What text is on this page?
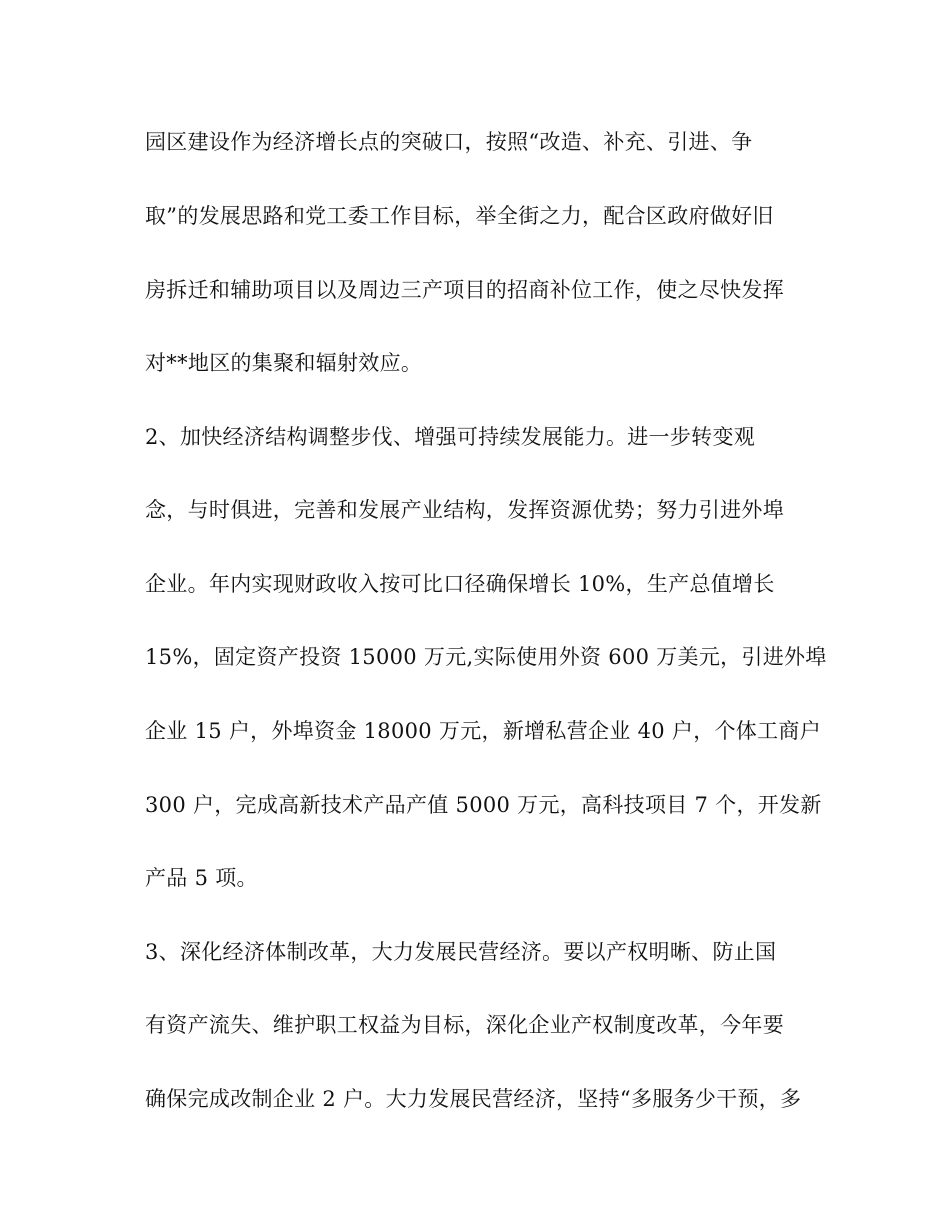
园区建设作为经济增长点的突破口，按照“改造、补充、引进、争
取”的发展思路和党工委工作目标，举全街之力，配合区政府做好旧
房拆迁和辅助项目以及周边三产项目的招商补位工作，使之尽快发挥
对**地区的集聚和辐射效应。
2、加快经济结构调整步伐、增强可持续发展能力。进一步转变观
念，与时俱进，完善和发展产业结构，发挥资源优势；努力引进外埠
企业。年内实现财政收入按可比口径确保增长 10%，生产总值增长
15%，固定资产投资 15000 万元,实际使用外资 600 万美元，引进外埠
企业 15 户，外埠资金 18000 万元，新增私营企业 40 户，个体工商户
300 户，完成高新技术产品产值 5000 万元，高科技项目 7 个，开发新
产品 5 项。
3、深化经济体制改革，大力发展民营经济。要以产权明晰、防止国
有资产流失、维护职工权益为目标，深化企业产权制度改革，今年要
确保完成改制企业 2 户。大力发展民营经济，坚持“多服务少干预，多
